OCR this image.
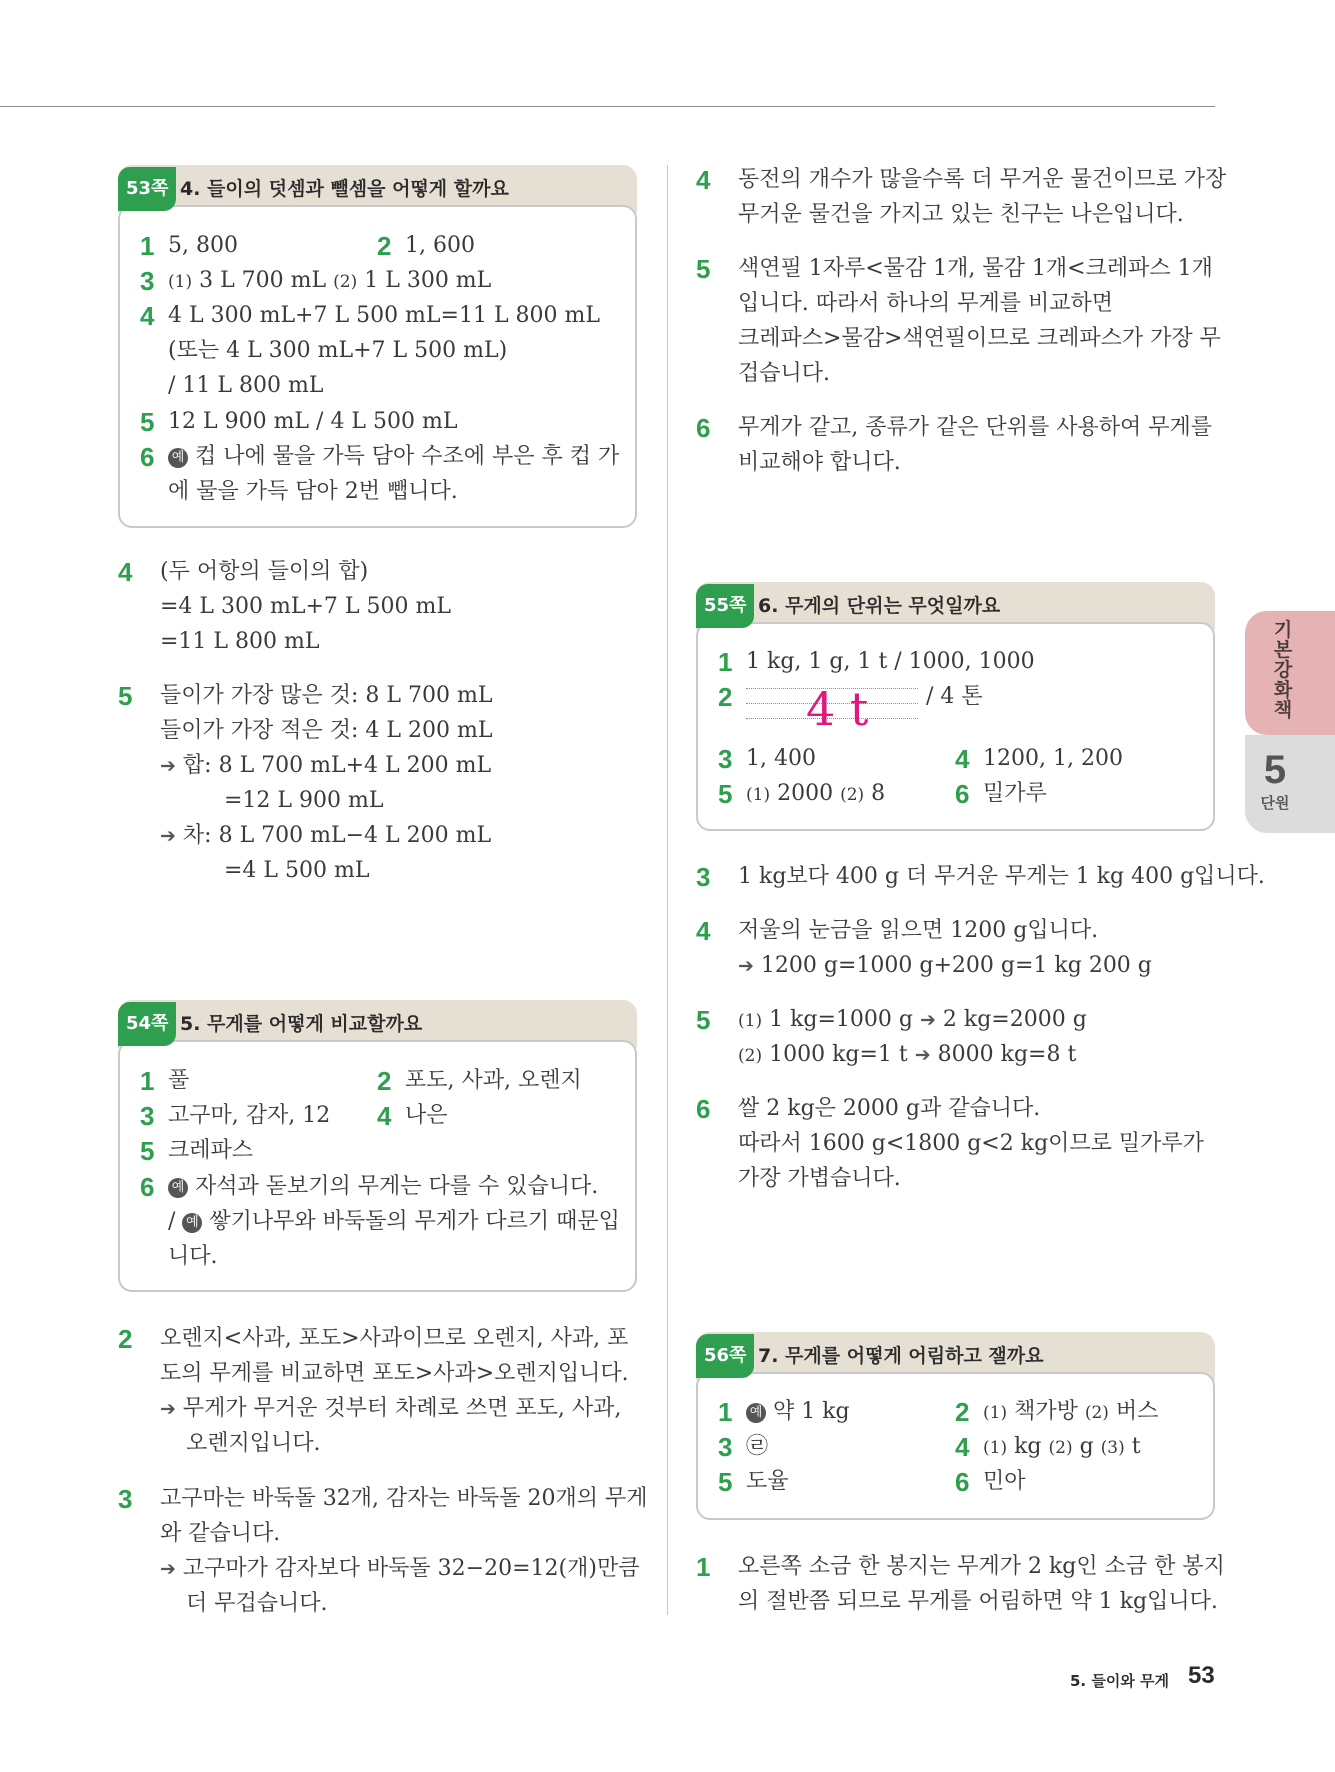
53쪽 4. 들이의 덧셈과 뺄셈을 어떻게 할까요
1 5, 800	2 1, 600
3 (1) 3 L 700 mL (2) 1 L 300 mL
4 4 L 300 mL+7 L 500 mL=11 L 800 mL
(또는 4 L 300 mL+7 L 500 mL)
/ 11 L 800 mL
5 12 L 900 mL / 4 L 500 mL
6 예 컵 나에 물을 가득 담아 수조에 부은 후 컵 가
에 물을 가득 담아 2번 뺍니다.
4 (두 어항의 들이의 합)
=4 L 300 mL+7 L 500 mL
=11 L 800 mL
5 들이가 가장 많은 것: 8 L 700 mL
들이가 가장 적은 것: 4 L 200 mL
➔ 합: 8 L 700 mL+4 L 200 mL
=12 L 900 mL
➔ 차: 8 L 700 mL−4 L 200 mL
=4 L 500 mL
54쪽 5. 무게를 어떻게 비교할까요
1 풀	2 포도, 사과, 오렌지
3 고구마, 감자, 12 4 나은
5 크레파스
6 예 자석과 돋보기의 무게는 다를 수 있습니다.
/ 예 쌓기나무와 바둑돌의 무게가 다르기 때문입
니다.
2 오렌지<사과, 포도>사과이므로 오렌지, 사과, 포
도의 무게를 비교하면 포도>사과>오렌지입니다.
➔ 무게가 무거운 것부터 차례로 쓰면 포도, 사과,
오렌지입니다.
3 고구마는 바둑돌 32개, 감자는 바둑돌 20개의 무게
와 같습니다.
➔ 고구마가 감자보다 바둑돌 32−20=12(개)만큼
더 무겁습니다.
4 동전의 개수가 많을수록 더 무거운 물건이므로 가장
무거운 물건을 가지고 있는 친구는 나은입니다.
5 색연필 1자루<물감 1개, 물감 1개<크레파스 1개
입니다. 따라서 하나의 무게를 비교하면
크레파스>물감>색연필이므로 크레파스가 가장 무
겁습니다.
6 무게가 같고, 종류가 같은 단위를 사용하여 무게를
비교해야 합니다.
55쪽 6. 무게의 단위는 무엇일까요
1 1 kg, 1 g, 1 t / 1000, 1000
2 4 t	/ 4 톤
3 1, 400	4 1200, 1, 200
5 (1) 2000 (2) 8	6 밀가루
3 1 kg보다 400 g 더 무거운 무게는 1 kg 400 g입니다.
4 저울의 눈금을 읽으면 1200 g입니다.
➔ 1200 g=1000 g+200 g=1 kg 200 g
5 (1) 1 kg=1000 g ➔ 2 kg=2000 g
(2) 1000 kg=1 t ➔ 8000 kg=8 t
6 쌀 2 kg은 2000 g과 같습니다.
따라서 1600 g<1800 g<2 kg이므로 밀가루가
가장 가볍습니다.
56쪽 7. 무게를 어떻게 어림하고 잴까요
1 예 약 1 kg	2 (1) 책가방 (2) 버스
3 ㉣	4 (1) kg (2) g (3) t
5 도율	6 민아
1 오른쪽 소금 한 봉지는 무게가 2 kg인 소금 한 봉지
의 절반쯤 되므로 무게를 어림하면 약 1 kg입니다.
기
본
강
화
책
5
단원
5. 들이와 무게 53
